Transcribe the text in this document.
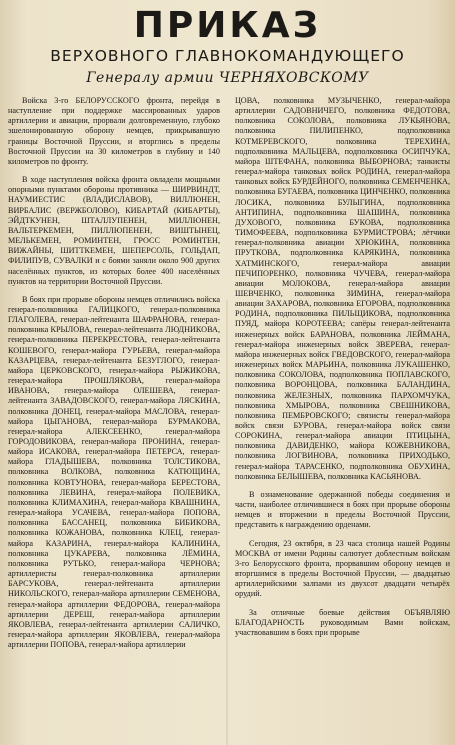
ПРИКАЗ
ВЕРХОВНОГО ГЛАВНОКОМАНДУЮЩЕГО
Генералу армии ЧЕРНЯХОВСКОМУ

Войска 3-го БЕЛОРУССКОГО фронта, перейдя в наступление при поддержке массированных ударов артиллерии и авиации, прорвали долговременную, глубоко эшелонированную оборону немцев, прикрывавшую границы Восточной Пруссии, и вторглись в пределы Восточной Пруссии на 30 километров в глубину и 140 километров по фронту.

В ходе наступления войска фронта овладели мощными опорными пунктами обороны противника — ШИРВИНДТ, НАУМИЕСТИС (ВЛАДИСЛАВОВ), ВИЛЛЮНЕН, ВИРБАЛИС (ВЕРЖБОЛОВО), КИБАРТАЙ (КИБАРТЫ), ЭЙДТКУНЕН, ШТАЛЛУПЕНЕН, МИЛЛЮНЕН, ВАЛЬТЕРКЕМЕН, ПИЛЛЮПЕНЕН, ВИШТЫНЕЦ, МЕЛЬКЕМЕН, РОМИНТЕН, ГРОСС РОМИНТЕН, ВИЖАЙНЫ, ШИТТКЕМЕН, ШЕПЕРСОЛЬ, ГОЛЬДАП, ФИЛИПУВ, СУВАЛКИ и с боями заняли около 900 других населённых пунктов, из которых более 400 населённых пунктов на территории Восточной Пруссии.

В боях при прорыве обороны немцев отличились войска генерал-полковника ГАЛИЦКОГО, генерал-полковника ГЛАГОЛЕВА, генерал-лейтенанта ШАФРАНОВА, генерал-полковника КРЫЛОВА, генерал-лейтенанта ЛЮДНИКОВА, генерал-полковника ПЕРЕКРЕСТОВА, генерал-лейтенанта КОШЕВОГО, генерал-майора ГУРЬЕВА, генерал-майора КАЗАРЦЕВА, генерал-лейтенанта БЕЗУГЛОГО, генерал-майора ЦЕРКОВСКОГО, генерал-майора РЫЖИКОВА, генерал-майора ПРОШЛЯКОВА, генерал-майора ИВАНОВА, генерал-майора ОЛЕШЕВА, генерал-лейтенанта ЗАВАДОВСКОГО, генерал-майора ЛЯСКИНА, полковника ДОНЕЦ, генерал-майора МАСЛОВА, генерал-майора ЦЫГАНОВА, генерал-майора БУРМАКОВА, генерал-майора АЛЕКСЕЕНКО, генерал-майора ГОРОДОВИКОВА, генерал-майора ПРОНИНА, генерал-майора ИСАКОВА, генерал-майора ПЕТЕРСА, генерал-майора ГЛАДЫШЕВА, полковника ТОЛСТИКОВА, полковника ВОЛКОВА, полковника КАТЮЩИНА, полковника КОВТУНОВА, генерал-майора БЕРЕСТОВА, полковника ЛЕВИНА, генерал-майора ПОЛЕВИКА, полковника КЛИМАХИНА, генерал-майора КВАШНИНА, генерал-майора УСАЧЕВА, генерал-майора ПОПОВА, полковника БАССАНЕЦ, полковника БИБИКОВА, полковника КОЖАНОВА, полковника КЛЕЦ, генерал-майора КАЗАРИНА, генерал-майора КАЛИНИНА, полковника ЦУКАРЕВА, полковника ЛЁМИНА, полковника РУТЬКО, генерал-майора ЧЕРНОВА; артиллеристы генерал-полковника артиллерии БАРСУКОВА, генерал-лейтенанта артиллерии НИКОЛЬСКОГО, генерал-майора артиллерии СЕМЕНОВА, генерал-майора артиллерии ФЕДОРОВА, генерал-майора артиллерии ДЕРЕШ, генерал-майора артиллерии ЯКОВЛЕВА, генерал-лейтенанта артиллерии САЛИЧКО, генерал-майора артиллерии ЯКОВЛЕВА, генерал-майора артиллерии ПОПОВА, генерал-майора артиллерии

ЦОВА, полковника МУЗЫЧЕНКО, генерал-майора артиллерии САДОВНИЧЕГО, полковника ФЕДОТОВА, полковника СОКОЛОВА, полковника ЛУКЬЯНОВА, полковника ПИЛИПЕНКО, подполковника КОТМЕРЕВСКОГО, полковника ТЕРЕХИНА, подполковника МАЛЬЦЕВА, подполковника ОСИПЧУКА, майора ШТЕФАНА, полковника ВЫБОРНОВА; танкисты генерал-майора танковых войск РОДИНА, генерал-майора танковых войск БУРДЕЙНОГО, полковника СЕМЕНЧЕНКА, полковника БУГАЕВА, полковника ЦИНЧЕНКО, полковника ЛОСИКА, полковника БУЛЫГИНА, подполковника АНТИПИНА, подполковника ШАШИНА, полковника ДУХОВОГО, полковника БУКОВА, подполковника ТИМОФЕЕВА, подполковника БУРМИСТРОВА; лётчики генерал-полковника авиации ХРЮКИНА, полковника ПРУТКОВА, подполковника КАРЯКИНА, полковника ХАТМИНСКОГО, генерал-майора авиации ПЕЧИПОРЕНКО, полковника ЧУЧЕВА, генерал-майора авиации МОЛОКОВА, генерал-майора авиации ШЕВЧЕНКО, полковника ЗИМИНА, генерал-майора авиации ЗАХАРОВА, полковника ЕГОРОВА, подполковника РОДИНА, подполковника ПИЛЬЩИКОВА, подполковника ПУЯД, майора КОРОТЕЕВА; сапёры генерал-лейтенанта инженерных войск БАРАНОВА, полковника ЛЕЙМАНА, генерал-майора инженерных войск ЗВЕРЕВА, генерал-майора инженерных войск ГВЕДОВСКОГО, генерал-майора инженерных войск МАРЬИНА, полковника ЛУКАШЕНКО, полковника СОКОЛОВА, подполковника ПОПЛАВСКОГО, полковника ВОРОНЦОВА, полковника БАЛАНДИНА, полковника ЖЕЛЕЗНЫХ, полковника ПАРХОМЧУКА, полковника ХМЫРОВА, полковника СВЕШНИКОВА, полковника ПЕМБРОВСКОГО; связисты генерал-майора войск связи БУРОВА, генерал-майора войск связи СОРОКИНА, генерал-майора авиации ПТИЦЫНА, полковника ДАВИДЕНКО, майора КОЖЕВНИКОВА, полковника ЛОГВИНОВА, полковника ПРИХОДЬКО, генерал-майора ТАРАСЕНКО, подполковника ОБУХИНА, полковника БЕЛЫШЕВА, полковника КАСЬЯНОВА.

В ознаменование одержанной победы соединения и части, наиболее отличившиеся в боях при прорыве обороны немцев и вторжении в пределы Восточной Пруссии, представить к награждению орденами.

Сегодня, 23 октября, в 23 часа столица нашей Родины МОСКВА от имени Родины салютует доблестным войскам 3-го Белорусского фронта, прорвавшим оборону немцев и вторгшимся в пределы Восточной Пруссии, — двадцатью артиллерийскими залпами из двухсот двадцати четырёх орудий.

За отличные боевые действия ОБЪЯВЛЯЮ БЛАГОДАРНОСТЬ руководимым Вами войскам, участвовавшим в боях при прорыве
